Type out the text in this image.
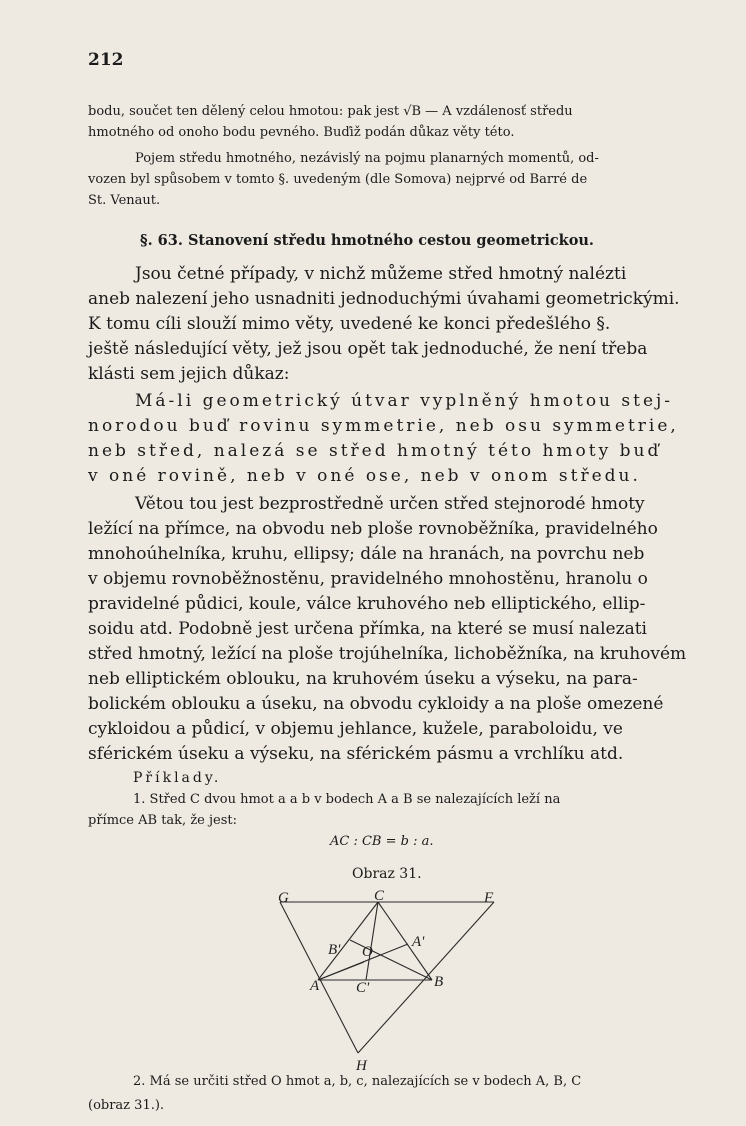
212
bodu, součet ten dělený celou hmotou: pak jest √B — A vzdálenosť středu
hmotného od onoho bodu pevného. Buďiž podán důkaz věty této.
Pojem středu hmotného, nezávislý na pojmu planarných momentů, od-
vozen byl spůsobem v tomto §. uvedeným (dle Somova) nejprvé od Barré de
St. Venaut.
§. 63. Stanovení středu hmotného cestou geometrickou.
Jsou četné případy, v nichž můžeme střed hmotný nalézti
aneb nalezení jeho usnadniti jednoduchými úvahami geometrickými.
K tomu cíli slouží mimo věty, uvedené ke konci předešlého §.
ještě následující věty, jež jsou opět tak jednoduché, že není třeba
klásti sem jejich důkaz:
Má-li geometrický útvar vyplněný hmotou stej-
norodou buď rovinu symmetrie, neb osu symmetrie,
neb střed, nalezá se střed hmotný této hmoty buď
v oné rovině, neb v oné ose, neb v onom středu.
Větou tou jest bezprostředně určen střed stejnorodé hmoty
ležící na přímce, na obvodu neb ploše rovnoběžníka, pravidelného
mnohoúhelníka, kruhu, ellipsy; dále na hranách, na povrchu neb
v objemu rovnoběžnostěnu, pravidelného mnohostěnu, hranolu o
pravidelné půdici, koule, válce kruhového neb elliptického, ellip-
soidu atd. Podobně jest určena přímka, na které se musí nalezati
střed hmotný, ležící na ploše trojúhelníka, lichoběžníka, na kruhovém
neb elliptickém oblouku, na kruhovém úseku a výseku, na para-
bolickém oblouku a úseku, na obvodu cykloidy a na ploše omezené
cykloidou a půdicí, v objemu jehlance, kužele, paraboloidu, ve
sférickém úseku a výseku, na sférickém pásmu a vrchlíku atd.
Příklady.
1. Střed C dvou hmot a a b v bodech A a B se nalezajících leží na
přímce AB tak, že jest:
AC : CB = b : a.
Obraz 31.
G	C	F
B' O
A'
A C'	B
H
2. Má se určiti střed O hmot a, b, c, nalezajících se v bodech A, B, C
(obraz 31.).
